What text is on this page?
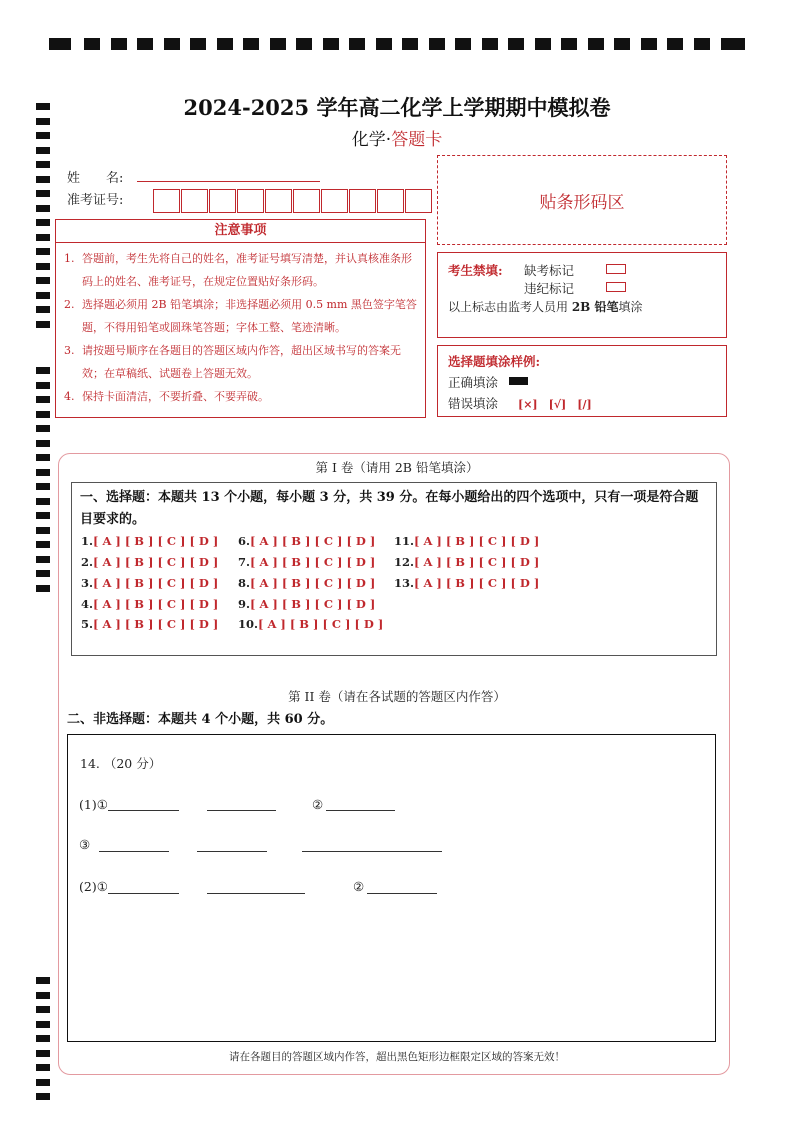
2024-2025 学年高二化学上学期期中模拟卷
化学·答题卡
姓　　名:
准考证号:	贴条形码区
注意事项
1. 答题前，考生先将自己的姓名，准考证号填写清楚，并认真核准条形码上的姓名、准考证号，在规定位置贴好条形码。
2. 选择题必须用 2B 铅笔填涂；非选择题必须用 0.5 mm 黑色签字笔答题，不得用铅笔或圆珠笔答题；字体工整、笔迹清晰。
3. 请按题号顺序在各题目的答题区域内作答，超出区域书写的答案无效；在草稿纸、试题卷上答题无效。
4. 保持卡面清洁，不要折叠、不要弄破。
考生禁填: 缺考标记
违纪标记
以上标志由监考人员用 2B 铅笔填涂
选择题填涂样例:
正确填涂
错误填涂 [×]　[√]　[/]
第 I 卷（请用 2B 铅笔填涂）
一、选择题：本题共 13 个小题，每小题 3 分，共 39 分。在每小题给出的四个选项中，只有一项是符合题目要求的。
1.[ A ] [ B ] [ C ] [ D ]
2.[ A ] [ B ] [ C ] [ D ]
3.[ A ] [ B ] [ C ] [ D ]
4.[ A ] [ B ] [ C ] [ D ]
5.[ A ] [ B ] [ C ] [ D ]
6.[ A ] [ B ] [ C ] [ D ]
7.[ A ] [ B ] [ C ] [ D ]
8.[ A ] [ B ] [ C ] [ D ]
9.[ A ] [ B ] [ C ] [ D ]
10.[ A ] [ B ] [ C ] [ D ]
11.[ A ] [ B ] [ C ] [ D ]
12.[ A ] [ B ] [ C ] [ D ]
13.[ A ] [ B ] [ C ] [ D ]
第 II 卷（请在各试题的答题区内作答）
二、非选择题：本题共 4 个小题，共 60 分。
14. （20 分）
(1)①	②
③
(2)①	②
请在各题目的答题区域内作答，超出黑色矩形边框限定区域的答案无效！
